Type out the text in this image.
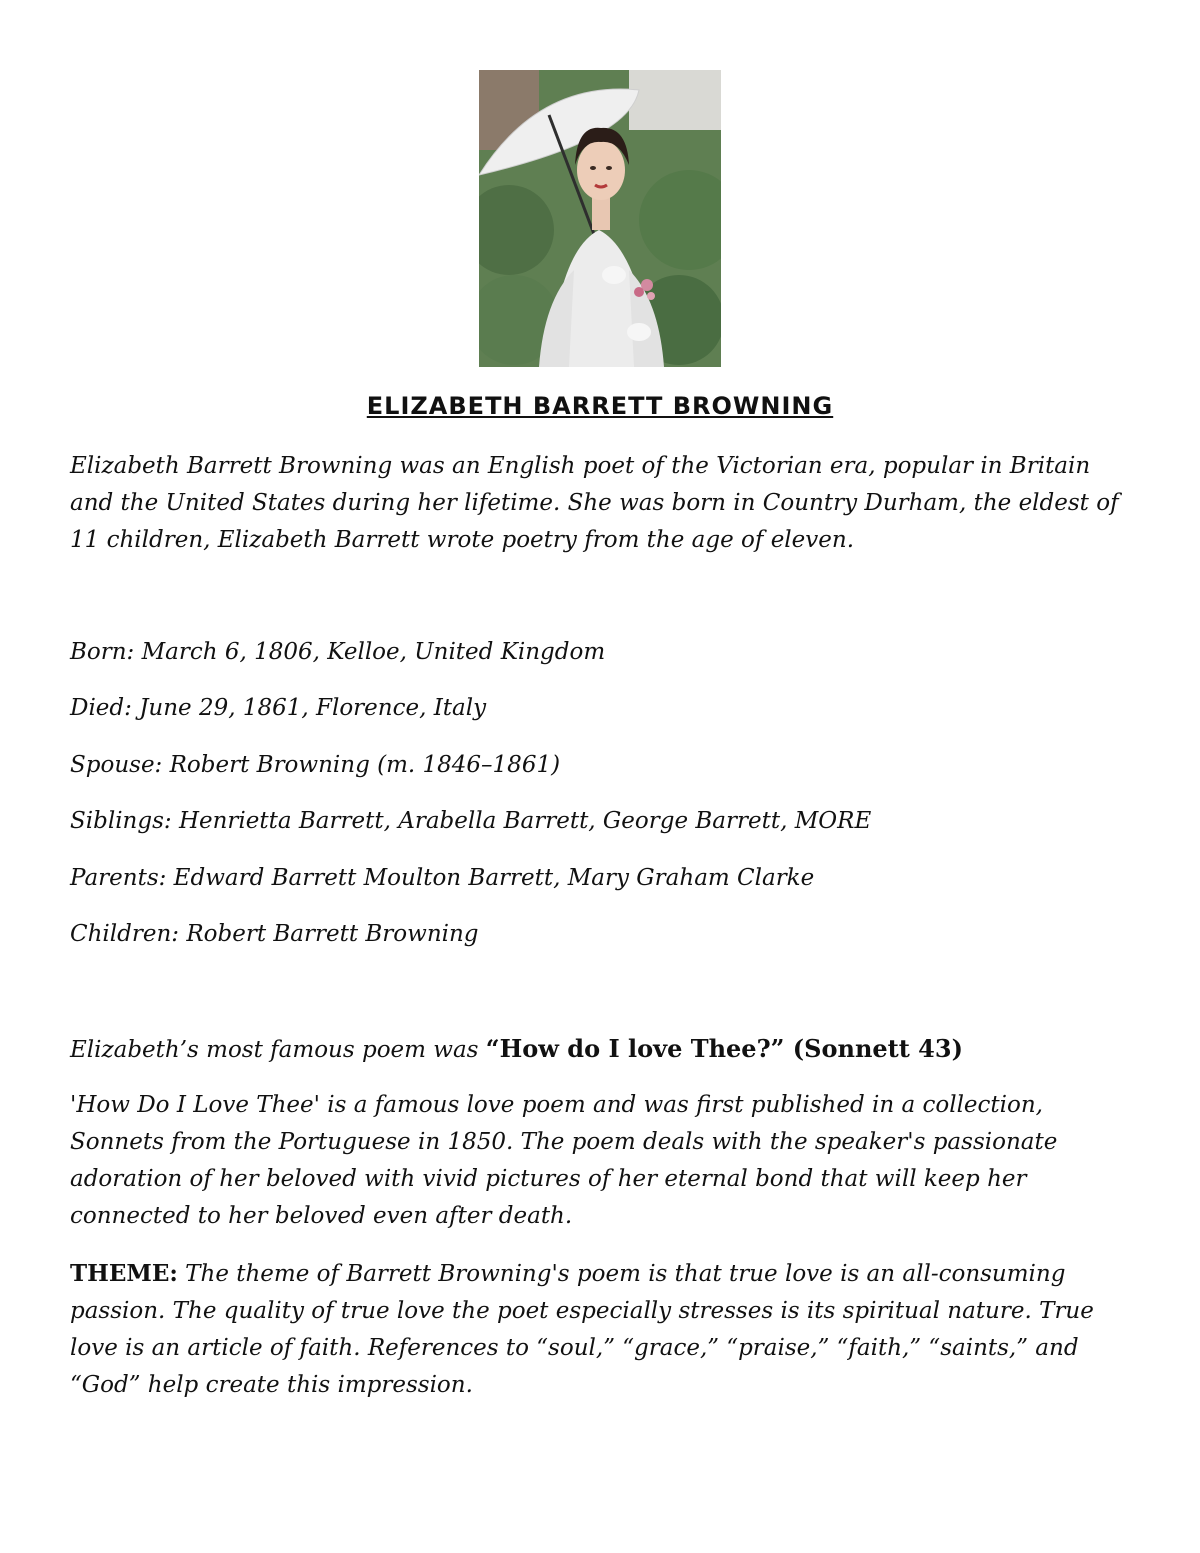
ELIZABETH BARRETT BROWNING

Elizabeth Barrett Browning was an English poet of the Victorian era, popular in Britain and the United States during her lifetime. She was born in Country Durham, the eldest of 11 children, Elizabeth Barrett wrote poetry from the age of eleven.

Born: March 6, 1806, Kelloe, United Kingdom

Died: June 29, 1861, Florence, Italy

Spouse: Robert Browning (m. 1846–1861)

Siblings: Henrietta Barrett, Arabella Barrett, George Barrett, MORE

Parents: Edward Barrett Moulton Barrett, Mary Graham Clarke

Children: Robert Barrett Browning

Elizabeth’s most famous poem was “How do I love Thee?” (Sonnett 43)

'How Do I Love Thee' is a famous love poem and was first published in a collection, Sonnets from the Portuguese in 1850. The poem deals with the speaker's passionate adoration of her beloved with vivid pictures of her eternal bond that will keep her connected to her beloved even after death.

THEME: The theme of Barrett Browning's poem is that true love is an all-consuming passion. The quality of true love the poet especially stresses is its spiritual nature. True love is an article of faith. References to “soul,” “grace,” “praise,” “faith,” “saints,” and “God” help create this impression.
